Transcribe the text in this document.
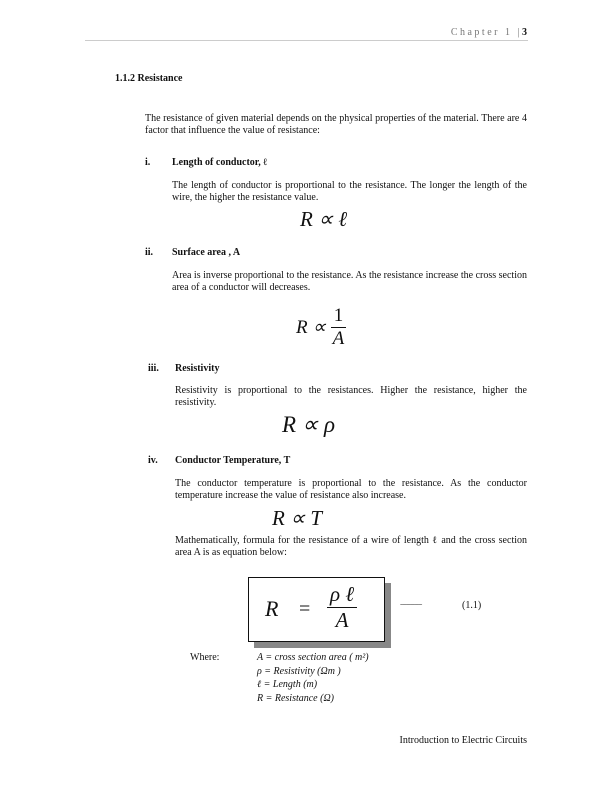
Chapter 1 |3
1.1.2 Resistance
The resistance of given material depends on the physical properties of the material. There are 4 factor that influence the value of resistance:
i. Length of conductor, ℓ
The length of conductor is proportional to the resistance. The longer the length of the wire, the higher the resistance value.
R ∝ ℓ
ii. Surface area , A
Area is inverse proportional to the resistance. As the resistance increase the cross section area of a conductor will decreases.
$R \propto \frac{1}{A}$
iii. Resistivity
Resistivity is proportional to the resistances. Higher the resistance, higher the resistivity.
R ∝ ρ
iv. Conductor Temperature, T
The conductor temperature is proportional to the resistance. As the conductor temperature increase the value of resistance also increase.
R ∝ T
Mathematically, formula for the resistance of a wire of length ℓ and the cross section area A is as equation below:
R =
ρ ℓ
A
----------------	(1.1)
Where:	A = cross section area ( m²)
ρ = Resistivity (Ωm )
ℓ = Length (m)
R = Resistance (Ω)
Introduction to Electric Circuits
